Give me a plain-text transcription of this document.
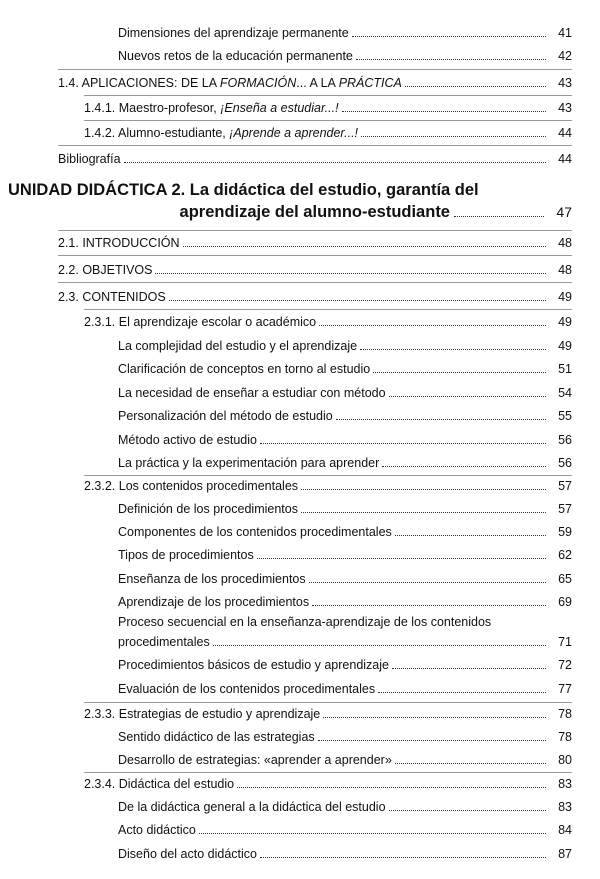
Dimensiones del aprendizaje permanente	41
Nuevos retos de la educación permanente	42
1.4. APLICACIONES: DE LA FORMACIÓN... A LA PRÁCTICA	43
1.4.1. Maestro-profesor, ¡Enseña a estudiar...!	43
1.4.2. Alumno-estudiante, ¡Aprende a aprender...!	44
Bibliografía	44
UNIDAD DIDÁCTICA 2. La didáctica del estudio, garantía del
aprendizaje del alumno-estudiante	47
2.1. INTRODUCCIÓN	48
2.2. OBJETIVOS	48
2.3. CONTENIDOS	49
2.3.1. El aprendizaje escolar o académico	49
La complejidad del estudio y el aprendizaje	49
Clarificación de conceptos en torno al estudio	51
La necesidad de enseñar a estudiar con método	54
Personalización del método de estudio	55
Método activo de estudio	56
La práctica y la experimentación para aprender	56
2.3.2. Los contenidos procedimentales	57
Definición de los procedimientos	57
Componentes de los contenidos procedimentales	59
Tipos de procedimientos	62
Enseñanza de los procedimientos	65
Aprendizaje de los procedimientos	69
Proceso secuencial en la enseñanza-aprendizaje de los contenidos
procedimentales	71
Procedimientos básicos de estudio y aprendizaje	72
Evaluación de los contenidos procedimentales	77
2.3.3. Estrategias de estudio y aprendizaje	78
Sentido didáctico de las estrategias	78
Desarrollo de estrategias: «aprender a aprender»	80
2.3.4. Didáctica del estudio	83
De la didáctica general a la didáctica del estudio	83
Acto didáctico	84
Diseño del acto didáctico	87
